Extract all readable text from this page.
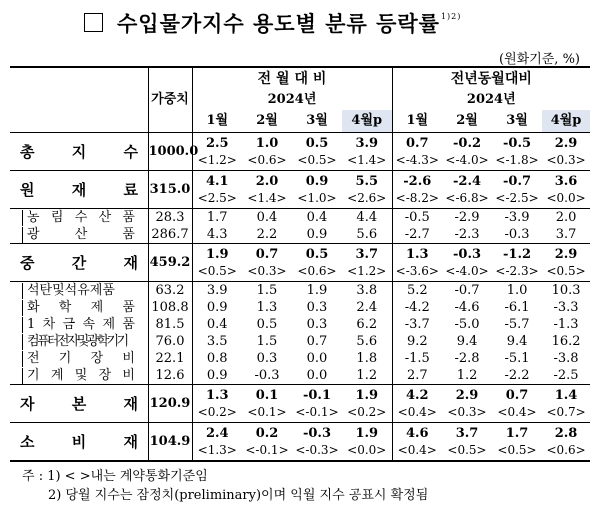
수입물가지수 용도별 분류 등락률$^{1)2)}$
(원화기준, %)
	가중치	전 월 대 비				전년동월대비			
		2024년				2024년			
		1월	2월	3월	4월p	1월	2월	3월	4월p

총 지 수	1000.0	2.5	1.0	0.5	3.9	0.7	-0.2	-0.5	2.9
		<1.2>	<0.6>	<0.5>	<1.4>	<-4.3>	<-4.0>	<-1.8>	<0.3>

원 재 료	315.0	4.1	2.0	0.9	5.5	-2.6	-2.4	-0.7	3.6
		<2.5>	<1.4>	<1.0>	<2.6>	<-8.2>	<-6.8>	<-2.5>	<0.0>

농 림 수 산 품	28.3	1.7	0.4	0.4	4.4	-0.5	-2.9	-3.9	2.0

광 산 품	286.7	4.3	2.2	0.9	5.6	-2.7	-2.3	-0.3	3.7

중 간 재	459.2	1.9	0.7	0.5	3.7	1.3	-0.3	-1.2	2.9
		<0.5>	<0.3>	<0.6>	<1.2>	<-3.6>	<-4.0>	<-2.3>	<0.5>

석탄및석유제품	63.2	3.9	1.5	1.9	3.8	5.2	-0.7	1.0	10.3

화 학 제 품	108.8	0.9	1.3	0.3	2.4	-4.2	-4.6	-6.1	-3.3

1 차 금 속 제 품	81.5	0.4	0.5	0.3	6.2	-3.7	-5.0	-5.7	-1.3

컴퓨터전자및광학기기	76.0	3.5	1.5	0.7	5.6	9.2	9.4	9.4	16.2

전 기 장 비	22.1	0.8	0.3	0.0	1.8	-1.5	-2.8	-5.1	-3.8

기 계 및 장 비	12.6	0.9	-0.3	0.0	1.2	2.7	1.2	-2.2	-2.5

자 본 재	120.9	1.3	0.1	-0.1	1.9	4.2	2.9	0.7	1.4
		<0.2>	<0.1>	<-0.1>	<0.2>	<0.4>	<0.3>	<0.4>	<0.7>

소 비 재	104.9	2.4	0.2	-0.3	1.9	4.6	3.7	1.7	2.8
		<1.3>	<-0.1>	<-0.3>	<0.0>	<0.4>	<0.5>	<0.5>	<0.6>
주 : 1) < >내는 계약통화기준임
2) 당월 지수는 잠정치(preliminary)이며 익월 지수 공표시 확정됨
